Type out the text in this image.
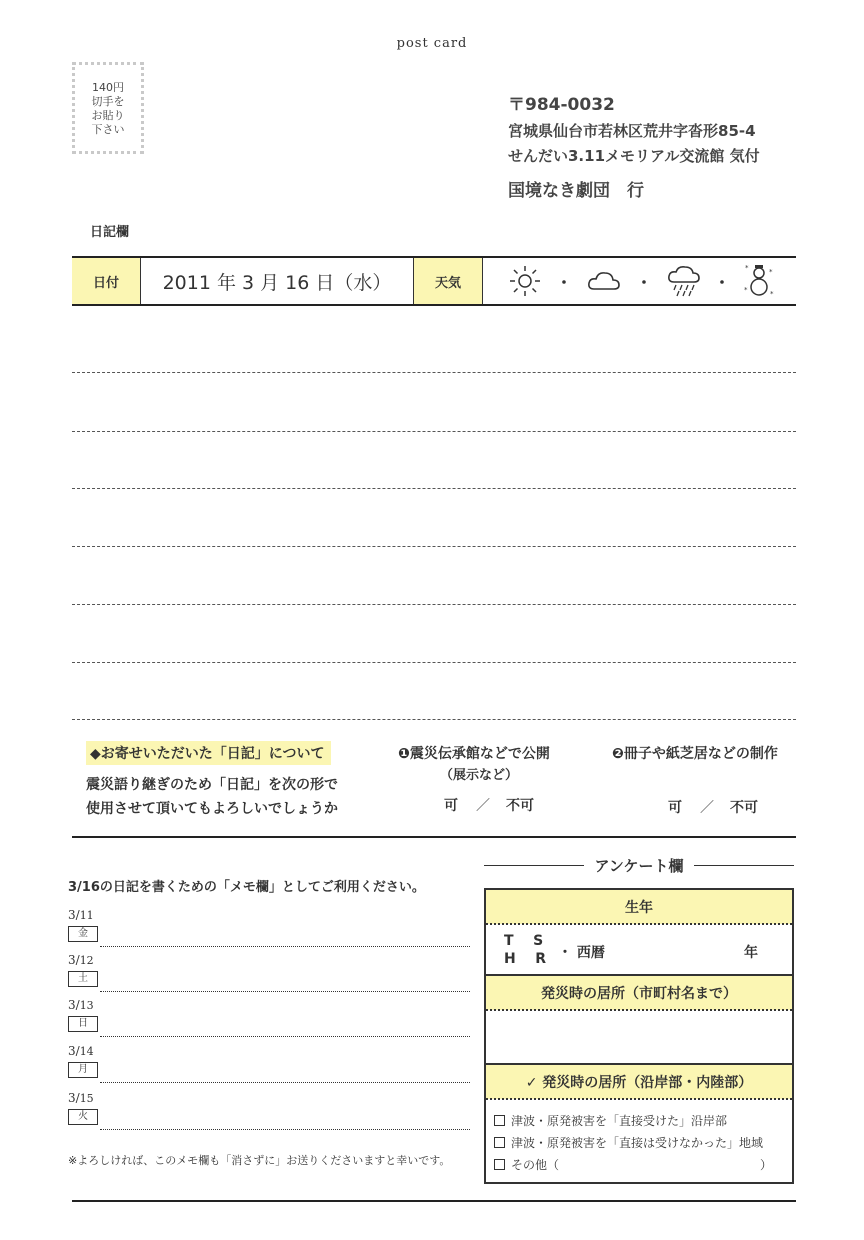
post card
140円
切手を
お貼り
下さい
〒984-0032
宮城県仙台市若林区荒井字沓形85-4
せんだい3.11メモリアル交流館 気付
国境なき劇団　行
日記欄
日付	2011 年 3 月 16 日（水）	天気	・	・	・
*	*
*	*
◆お寄せいただいた「日記」について
震災語り継ぎのため「日記」を次の形で
使用させて頂いてもよろしいでしょうか
❶震災伝承館などで公開
（展示など）
可 ／ 不可
❷冊子や紙芝居などの制作
可 ／ 不可
アンケート欄
3/16の日記を書くための「メモ欄」としてご利用ください。
3/11
金
3/12
土
3/13
日
3/14
月
3/15
火
※よろしければ、このメモ欄も「消さずに」お送りくださいますと幸いです。
生年
T S
H R ・ 西暦	年
発災時の居所（市町村名まで）
✓ 発災時の居所（沿岸部・内陸部）
津波・原発被害を「直接受けた」沿岸部
津波・原発被害を「直接は受けなかった」地域
その他（	）
